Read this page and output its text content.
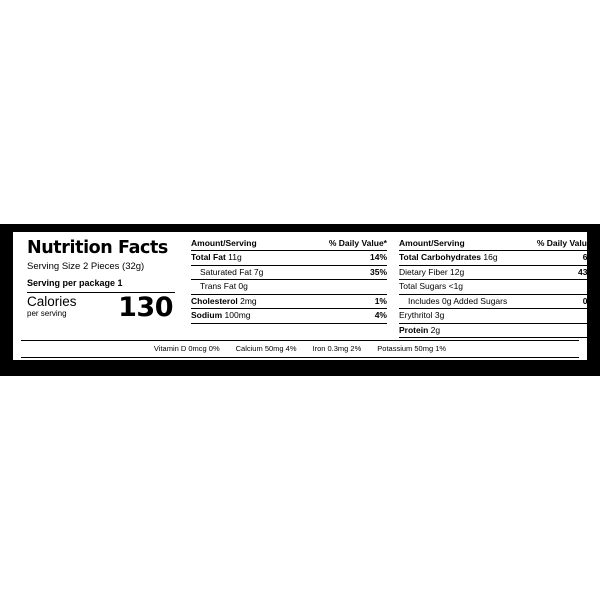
Nutrition Facts
Serving Size 2 Pieces (32g)
Serving per package 1
Calories
per serving	130
Amount/Serving	% Daily Value*
Total Fat 11g	14%
Saturated Fat 7g	35%
Trans Fat 0g
Cholesterol 2mg	1%
Sodium 100mg	4%
Amount/Serving	% Daily Value*
Total Carbohydrates 16g	6%
Dietary Fiber 12g	43%
Total Sugars <1g
Includes 0g Added Sugars	0%
Erythritol 3g
Protein 2g
Vitamin D 0mcg 0% Calcium 50mg 4% Iron 0.3mg 2% Potassium 50mg 1%
*The % Daily Value tells you how much a nutrient in a serving of food contributes to a daily diet. 2,000 calories a day is used for general nutrition advice.
